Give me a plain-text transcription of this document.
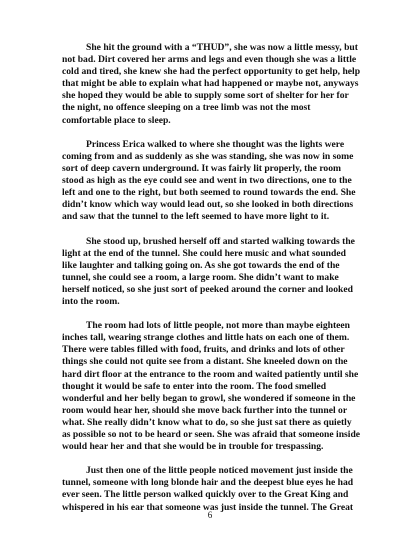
She hit the ground with a “THUD”, she was now a little messy, but not bad. Dirt covered her arms and legs and even though she was a little cold and tired, she knew she had the perfect opportunity to get help, help that might be able to explain what had happened or maybe not, anyways she hoped they would be able to supply some sort of shelter for her for the night, no offence sleeping on a tree limb was not the most comfortable place to sleep.

Princess Erica walked to where she thought was the lights were coming from and as suddenly as she was standing, she was now in some sort of deep cavern underground. It was fairly lit properly, the room stood as high as the eye could see and went in two directions, one to the left and one to the right, but both seemed to round towards the end. She didn’t know which way would lead out, so she looked in both directions and saw that the tunnel to the left seemed to have more light to it.

She stood up, brushed herself off and started walking towards the light at the end of the tunnel. She could here music and what sounded like laughter and talking going on. As she got towards the end of the tunnel, she could see a room, a large room. She didn’t want to make herself noticed, so she just sort of peeked around the corner and looked into the room.

The room had lots of little people, not more than maybe eighteen inches tall, wearing strange clothes and little hats on each one of them. There were tables filled with food, fruits, and drinks and lots of other things she could not quite see from a distant. She kneeled down on the hard dirt floor at the entrance to the room and waited patiently until she thought it would be safe to enter into the room. The food smelled wonderful and her belly began to growl, she wondered if someone in the room would hear her, should she move back further into the tunnel or what. She really didn’t know what to do, so she just sat there as quietly as possible so not to be heard or seen. She was afraid that someone inside would hear her and that she would be in trouble for trespassing.

Just then one of the little people noticed movement just inside the tunnel, someone with long blonde hair and the deepest blue eyes he had ever seen. The little person walked quickly over to the Great King and whispered in his ear that someone was just inside the tunnel. The Great

6
